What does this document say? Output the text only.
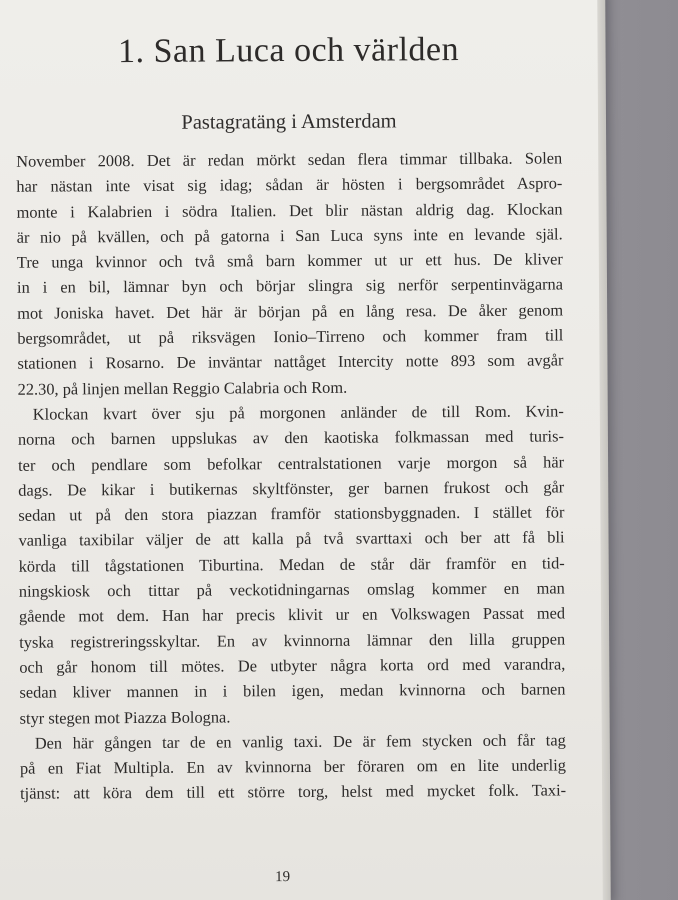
1. San Luca och världen
Pastagratäng i Amsterdam
November 2008. Det är redan mörkt sedan flera timmar tillbaka. Solen
har nästan inte visat sig idag; sådan är hösten i bergsområdet Aspro-
monte i Kalabrien i södra Italien. Det blir nästan aldrig dag. Klockan
är nio på kvällen, och på gatorna i San Luca syns inte en levande själ.
Tre unga kvinnor och två små barn kommer ut ur ett hus. De kliver
in i en bil, lämnar byn och börjar slingra sig nerför serpentinvägarna
mot Joniska havet. Det här är början på en lång resa. De åker genom
bergsområdet, ut på riksvägen Ionio–Tirreno och kommer fram till
stationen i Rosarno. De inväntar nattåget Intercity notte 893 som avgår
22.30, på linjen mellan Reggio Calabria och Rom.
Klockan kvart över sju på morgonen anländer de till Rom. Kvin-
norna och barnen uppslukas av den kaotiska folkmassan med turis-
ter och pendlare som befolkar centralstationen varje morgon så här
dags. De kikar i butikernas skyltfönster, ger barnen frukost och går
sedan ut på den stora piazzan framför stationsbyggnaden. I stället för
vanliga taxibilar väljer de att kalla på två svarttaxi och ber att få bli
körda till tågstationen Tiburtina. Medan de står där framför en tid-
ningskiosk och tittar på veckotidningarnas omslag kommer en man
gående mot dem. Han har precis klivit ur en Volkswagen Passat med
tyska registreringsskyltar. En av kvinnorna lämnar den lilla gruppen
och går honom till mötes. De utbyter några korta ord med varandra,
sedan kliver mannen in i bilen igen, medan kvinnorna och barnen
styr stegen mot Piazza Bologna.
Den här gången tar de en vanlig taxi. De är fem stycken och får tag
på en Fiat Multipla. En av kvinnorna ber föraren om en lite underlig
tjänst: att köra dem till ett större torg, helst med mycket folk. Taxi-
19
